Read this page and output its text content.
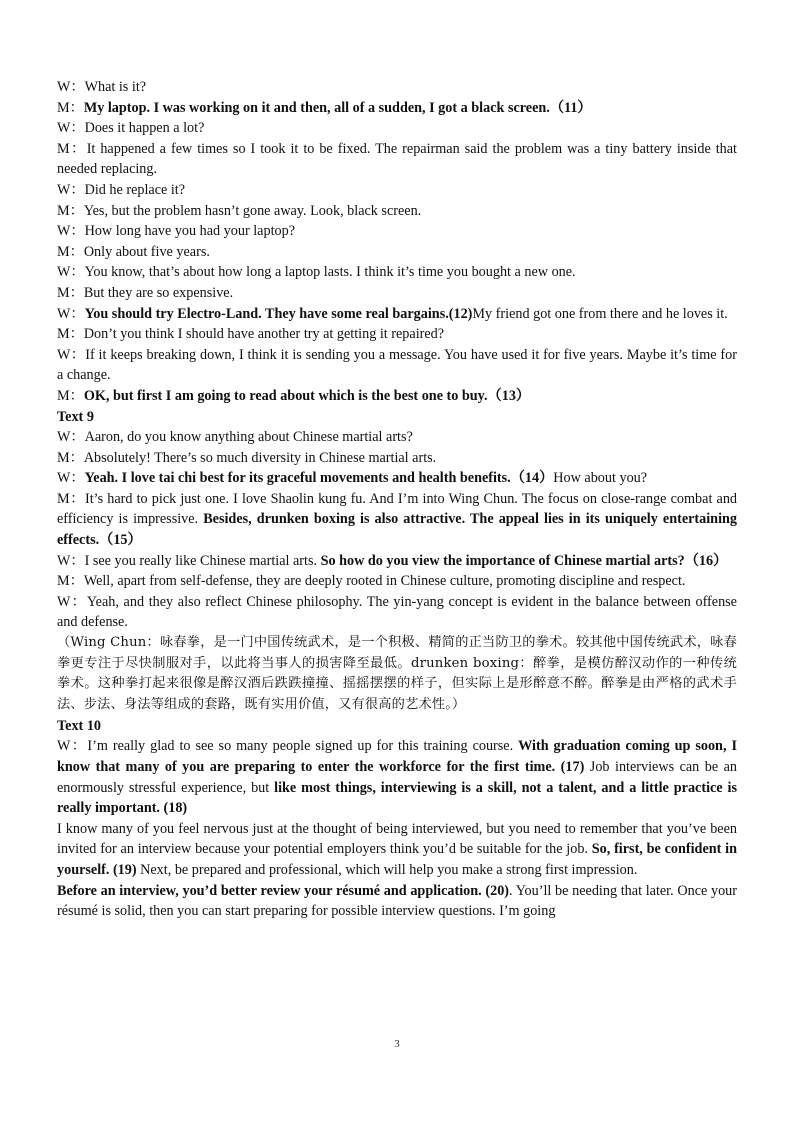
W：What is it?

M：My laptop. I was working on it and then, all of a sudden, I got a black screen.（11）

W：Does it happen a lot?

M：It happened a few times so I took it to be fixed. The repairman said the problem was a tiny battery inside that needed replacing.

W：Did he replace it?

M：Yes, but the problem hasn’t gone away. Look, black screen.

W：How long have you had your laptop?

M：Only about five years.

W：You know, that’s about how long a laptop lasts. I think it’s time you bought a new one.

M：But they are so expensive.

W：You should try Electro-Land. They have some real bargains.(12)My friend got one from there and he loves it.

M：Don’t you think I should have another try at getting it repaired?

W：If it keeps breaking down, I think it is sending you a message. You have used it for five years. Maybe it’s time for a change.

M：OK, but first I am going to read about which is the best one to buy.（13）

Text 9

W：Aaron, do you know anything about Chinese martial arts?

M：Absolutely! There’s so much diversity in Chinese martial arts.

W：Yeah. I love tai chi best for its graceful movements and health benefits.（14）How about you?

M：It’s hard to pick just one. I love Shaolin kung fu. And I’m into Wing Chun. The focus on close-range combat and efficiency is impressive. Besides, drunken boxing is also attractive. The appeal lies in its uniquely entertaining effects.（15）

W：I see you really like Chinese martial arts. So how do you view the importance of Chinese martial arts?（16）

M：Well, apart from self-defense, they are deeply rooted in Chinese culture, promoting discipline and respect.

W：Yeah, and they also reflect Chinese philosophy. The yin-yang concept is evident in the balance between offense and defense.

（Wing Chun：咏春拳，是一门中国传统武术，是一个积极、精简的正当防卫的拳术。较其他中国传统武术，咏春拳更专注于尽快制服对手，以此将当事人的损害降至最低。drunken boxing：醉拳，是模仿醉汉动作的一种传统拳术。这种拳打起来很像是醉汉酒后跌跌撞撞、摇摇摆摆的样子，但实际上是形醉意不醉。醉拳是由严格的武术手法、步法、身法等组成的套路，既有实用价值，又有很高的艺术性。）

Text 10

W：I’m really glad to see so many people signed up for this training course. With graduation coming up soon, I know that many of you are preparing to enter the workforce for the first time. (17) Job interviews can be an enormously stressful experience, but like most things, interviewing is a skill, not a talent, and a little practice is really important. (18)

I know many of you feel nervous just at the thought of being interviewed, but you need to remember that you’ve been invited for an interview because your potential employers think you’d be suitable for the job. So, first, be confident in yourself. (19) Next, be prepared and professional, which will help you make a strong first impression.

Before an interview, you’d better review your résumé and application. (20). You’ll be needing that later. Once your résumé is solid, then you can start preparing for possible interview questions. I’m going

3
